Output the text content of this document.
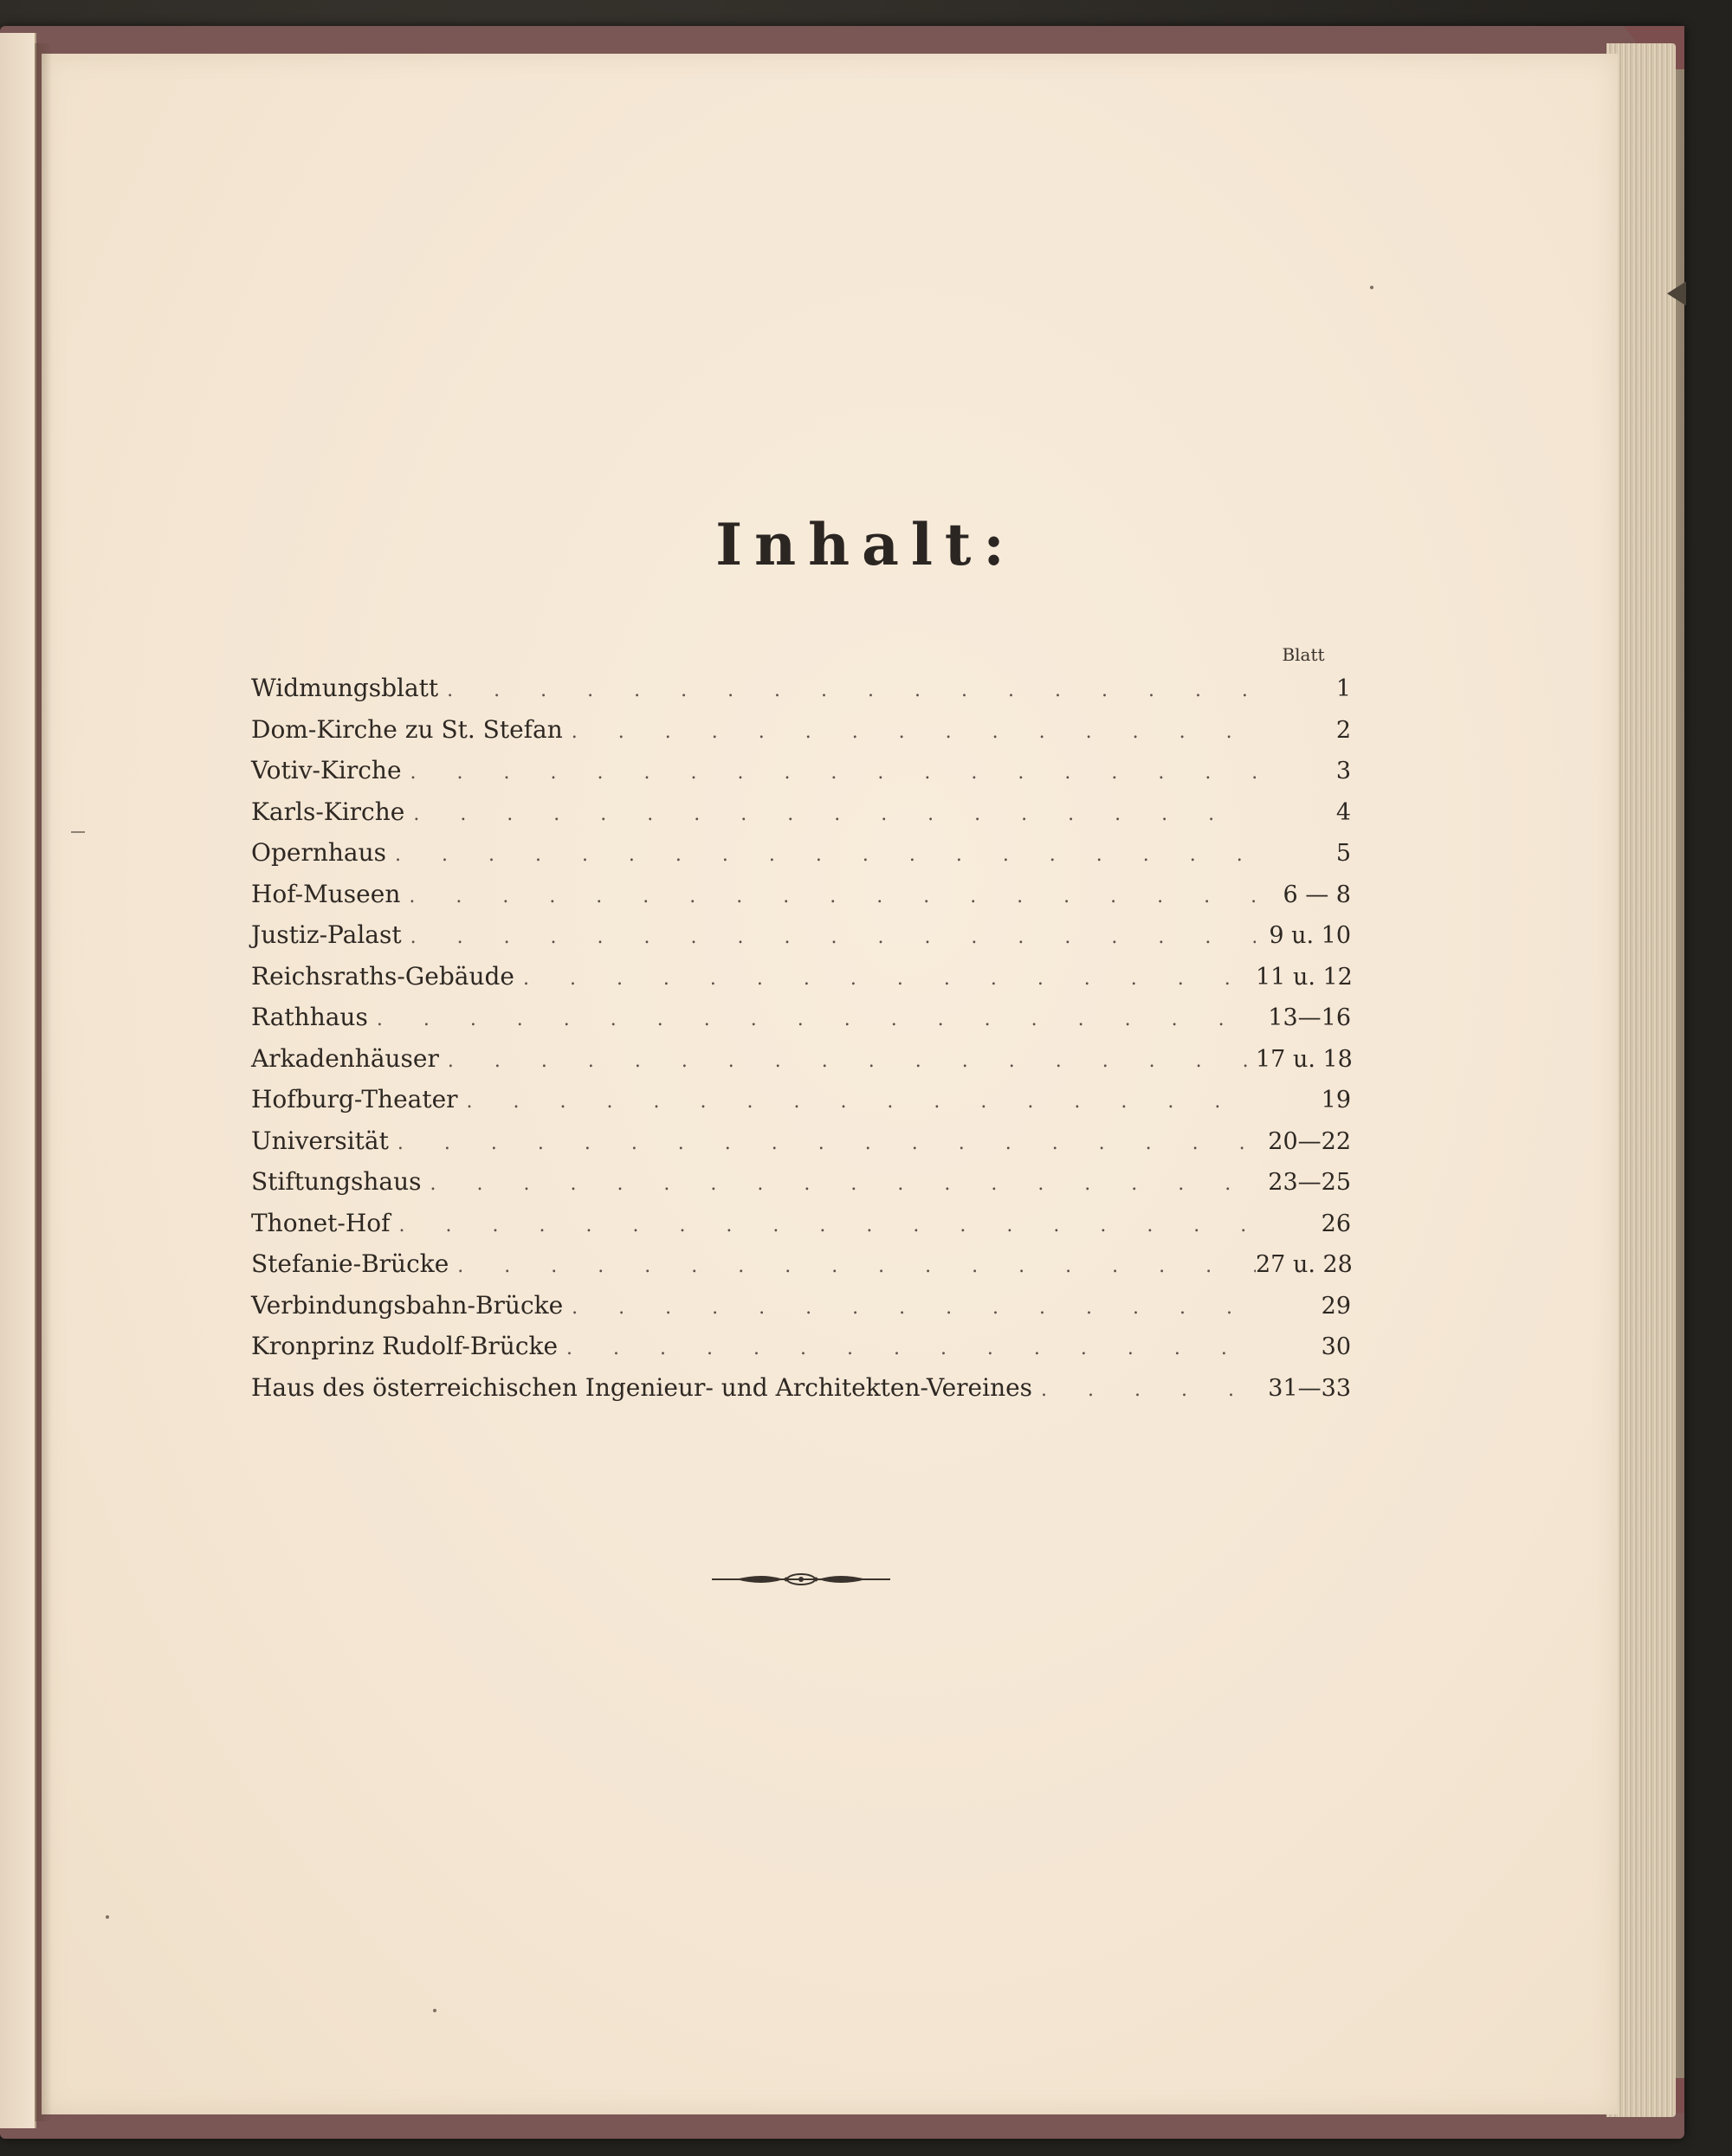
Inhalt:
Blatt
Widmungsblatt . . .	1
Dom-Kirche zu St. Stefan . . .	2
Votiv-Kirche . . .	3
Karls-Kirche . . .	4
Opernhaus . . .	5
Hof-Museen . . .	6 — 8
Justiz-Palast . . .	9 u. 10
Reichsraths-Gebäude . . .	11 u. 12
Rathhaus . . .	13—16
Arkadenhäuser . . .	17 u. 18
Hofburg-Theater . . .	19
Universität . . .	20—22
Stiftungshaus . . .	23—25
Thonet-Hof . . .	26
Stefanie-Brücke . . .	27 u. 28
Verbindungsbahn-Brücke . . .	29
Kronprinz Rudolf-Brücke . . .	30
Haus des österreichischen Ingenieur- und Architekten-Vereines . . .	31—33
